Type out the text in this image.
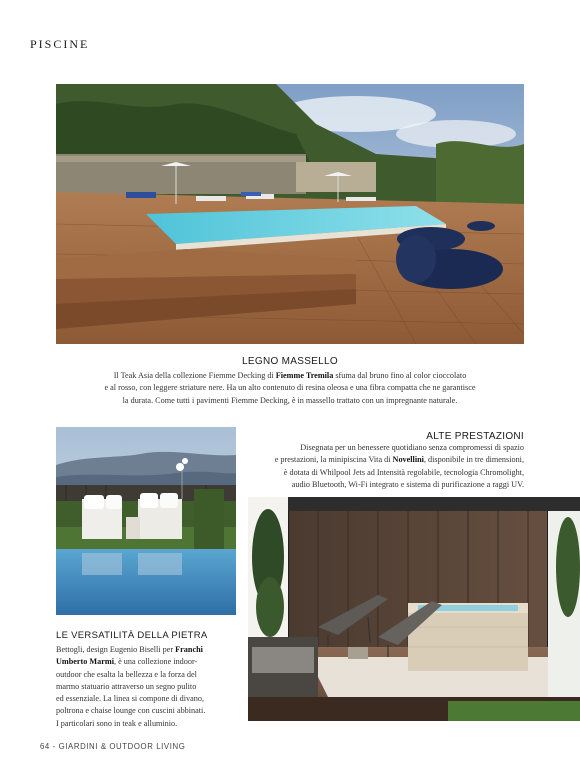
PISCINE
LEGNO MASSELLO
Il Teak Asia della collezione Fiemme Decking di Fiemme Tremila sfuma dal bruno fino al color cioccolato
e al rosso, con leggere striature nere. Ha un alto contenuto di resina oleosa e una fibra compatta che ne garantisce
la durata. Come tutti i pavimenti Fiemme Decking, è in massello trattato con un impregnante naturale.
ALTE PRESTAZIONI
Disegnata per un benessere quotidiano senza compromessi di spazio
e prestazioni, la minipiscina Vita di Novellini, disponibile in tre dimensioni,
è dotata di Whilpool Jets ad Intensità regolabile, tecnologia Chromolight,
audio Bluetooth, Wi-Fi integrato e sistema di purificazione a raggi UV.
LE VERSATILITÀ DELLA PIETRA
Bettogli, design Eugenio Biselli per Franchi
Umberto Marmi, è una collezione indoor-
outdoor che esalta la bellezza e la forza del
marmo statuario attraverso un segno pulito
ed essenziale. La linea si compone di divano,
poltrona e chaise lounge con cuscini abbinati.
I particolari sono in teak e alluminio.
64 - GIARDINI & OUTDOOR LIVING
